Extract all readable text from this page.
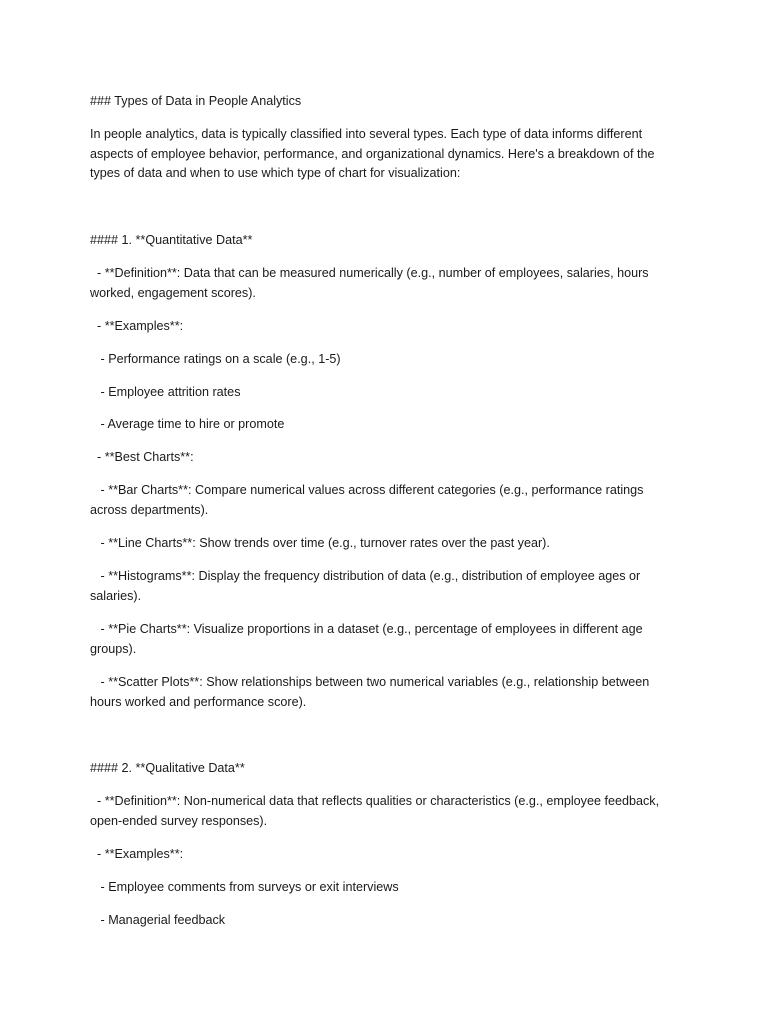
### Types of Data in People Analytics

In people analytics, data is typically classified into several types. Each type of data informs different aspects of employee behavior, performance, and organizational dynamics. Here's a breakdown of the types of data and when to use which type of chart for visualization:

#### 1. **Quantitative Data**

- **Definition**: Data that can be measured numerically (e.g., number of employees, salaries, hours worked, engagement scores).

- **Examples**:

- Performance ratings on a scale (e.g., 1-5)

- Employee attrition rates

- Average time to hire or promote

- **Best Charts**:

- **Bar Charts**: Compare numerical values across different categories (e.g., performance ratings across departments).

- **Line Charts**: Show trends over time (e.g., turnover rates over the past year).

- **Histograms**: Display the frequency distribution of data (e.g., distribution of employee ages or salaries).

- **Pie Charts**: Visualize proportions in a dataset (e.g., percentage of employees in different age groups).

- **Scatter Plots**: Show relationships between two numerical variables (e.g., relationship between hours worked and performance score).

#### 2. **Qualitative Data**

- **Definition**: Non-numerical data that reflects qualities or characteristics (e.g., employee feedback, open-ended survey responses).

- **Examples**:

- Employee comments from surveys or exit interviews

- Managerial feedback
